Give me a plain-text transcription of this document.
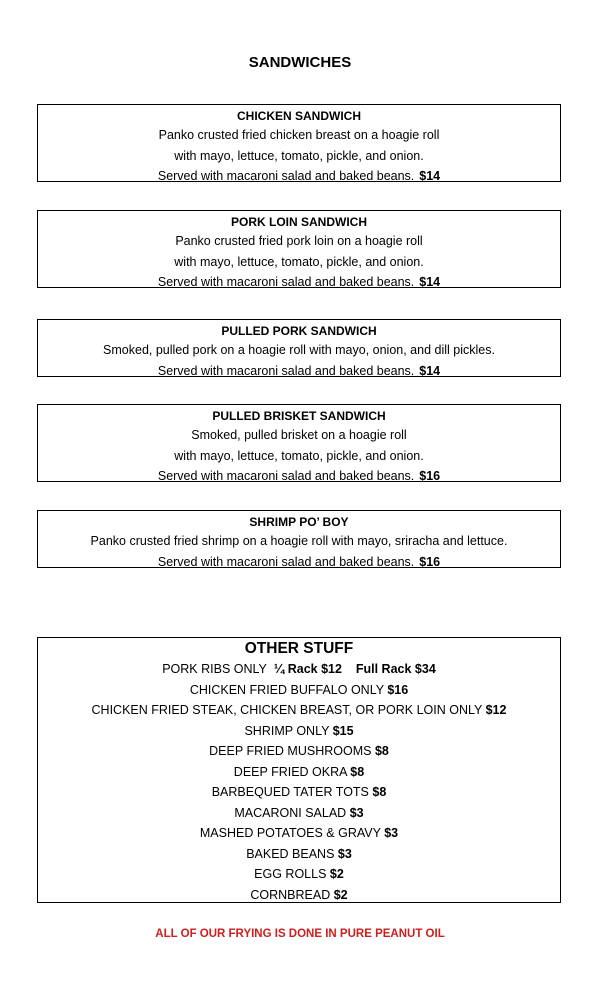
SANDWICHES
CHICKEN SANDWICH
Panko crusted fried chicken breast on a hoagie roll
with mayo, lettuce, tomato, pickle, and onion.
Served with macaroni salad and baked beans. $14
PORK LOIN SANDWICH
Panko crusted fried pork loin on a hoagie roll
with mayo, lettuce, tomato, pickle, and onion.
Served with macaroni salad and baked beans. $14
PULLED PORK SANDWICH
Smoked, pulled pork on a hoagie roll with mayo, onion, and dill pickles.
Served with macaroni salad and baked beans. $14
PULLED BRISKET SANDWICH
Smoked, pulled brisket on a hoagie roll
with mayo, lettuce, tomato, pickle, and onion.
Served with macaroni salad and baked beans. $16
SHRIMP PO’ BOY
Panko crusted fried shrimp on a hoagie roll with mayo, sriracha and lettuce.
Served with macaroni salad and baked beans. $16
OTHER STUFF
PORK RIBS ONLY ¼ Rack $12 Full Rack $34
CHICKEN FRIED BUFFALO ONLY $16
CHICKEN FRIED STEAK, CHICKEN BREAST, OR PORK LOIN ONLY $12
SHRIMP ONLY $15
DEEP FRIED MUSHROOMS $8
DEEP FRIED OKRA $8
BARBEQUED TATER TOTS $8
MACARONI SALAD $3
MASHED POTATOES & GRAVY $3
BAKED BEANS $3
EGG ROLLS $2
CORNBREAD $2
ALL OF OUR FRYING IS DONE IN PURE PEANUT OIL
